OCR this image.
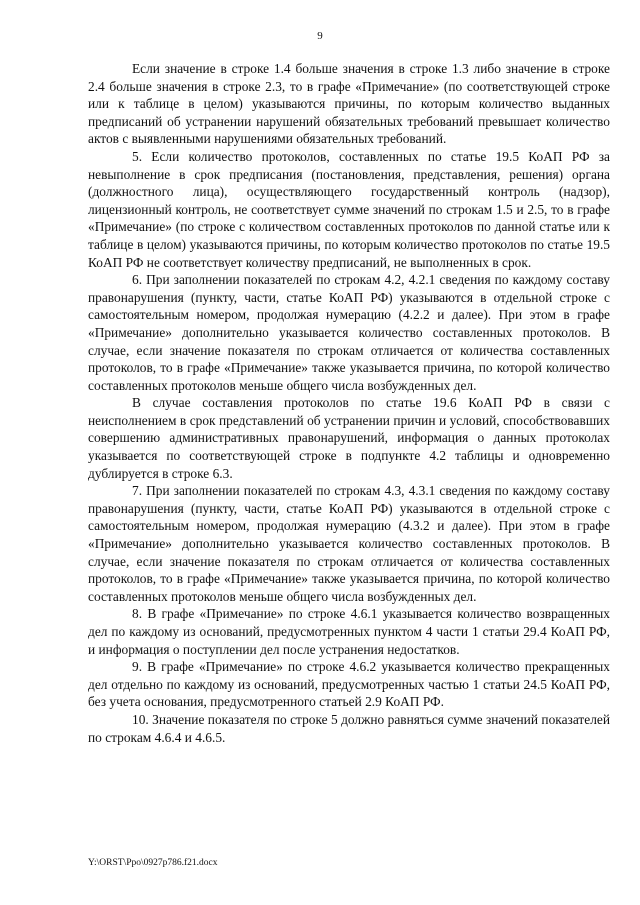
9

Если значение в строке 1.4 больше значения в строке 1.3 либо значение в строке 2.4 больше значения в строке 2.3, то в графе «Примечание» (по соответствующей строке или к таблице в целом) указываются причины, по которым количество выданных предписаний об устранении нарушений обязательных требований превышает количество актов с выявленными нарушениями обязательных требований.

5. Если количество протоколов, составленных по статье 19.5 КоАП РФ за невыполнение в срок предписания (постановления, представления, решения) органа (должностного лица), осуществляющего государственный контроль (надзор), лицензионный контроль, не соответствует сумме значений по строкам 1.5 и 2.5, то в графе «Примечание» (по строке с количеством составленных протоколов по данной статье или к таблице в целом) указываются причины, по которым количество протоколов по статье 19.5 КоАП РФ не соответствует количеству предписаний, не выполненных в срок.

6. При заполнении показателей по строкам 4.2, 4.2.1 сведения по каждому составу правонарушения (пункту, части, статье КоАП РФ) указываются в отдельной строке с самостоятельным номером, продолжая нумерацию (4.2.2 и далее). При этом в графе «Примечание» дополнительно указывается количество составленных протоколов. В случае, если значение показателя по строкам отличается от количества составленных протоколов, то в графе «Примечание» также указывается причина, по которой количество составленных протоколов меньше общего числа возбужденных дел.

В случае составления протоколов по статье 19.6 КоАП РФ в связи с неисполнением в срок представлений об устранении причин и условий, способствовавших совершению административных правонарушений, информация о данных протоколах указывается по соответствующей строке в подпункте 4.2 таблицы и одновременно дублируется в строке 6.3.

7. При заполнении показателей по строкам 4.3, 4.3.1 сведения по каждому составу правонарушения (пункту, части, статье КоАП РФ) указываются в отдельной строке с самостоятельным номером, продолжая нумерацию (4.3.2 и далее). При этом в графе «Примечание» дополнительно указывается количество составленных протоколов. В случае, если значение показателя по строкам отличается от количества составленных протоколов, то в графе «Примечание» также указывается причина, по которой количество составленных протоколов меньше общего числа возбужденных дел.

8. В графе «Примечание» по строке 4.6.1 указывается количество возвращенных дел по каждому из оснований, предусмотренных пунктом 4 части 1 статьи 29.4 КоАП РФ, и информация о поступлении дел после устранения недостатков.

9. В графе «Примечание» по строке 4.6.2 указывается количество прекращенных дел отдельно по каждому из оснований, предусмотренных частью 1 статьи 24.5 КоАП РФ, без учета основания, предусмотренного статьей 2.9 КоАП РФ.

10. Значение показателя по строке 5 должно равняться сумме значений показателей по строкам 4.6.4 и 4.6.5.

Y:\ORST\Ppo\0927p786.f21.docx
